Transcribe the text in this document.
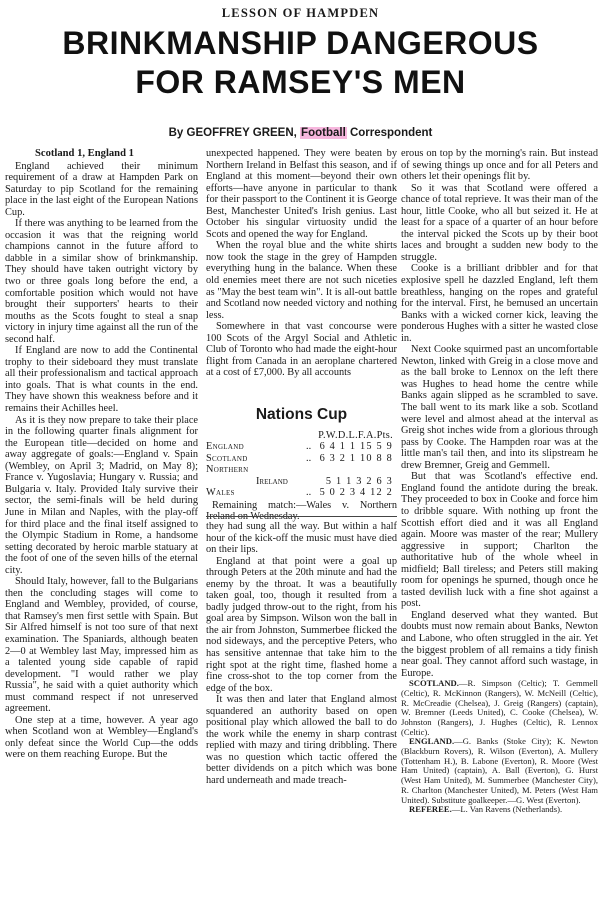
LESSON OF HAMPDEN
BRINKMANSHIP DANGEROUS
FOR RAMSEY'S MEN
By GEOFFREY GREEN, Football Correspondent
Scotland 1, England 1

England achieved their minimum requirement of a draw at Hampden Park on Saturday to pip Scotland for the remaining place in the last eight of the European Nations Cup.

If there was anything to be learned from the occasion it was that the reigning world champions cannot in the future afford to dabble in a similar show of brinkmanship. They should have taken outright victory by two or three goals long before the end, a comfortable position which would not have brought their supporters' hearts to their mouths as the Scots fought to steal a snap victory in injury time against all the run of the second half.

If England are now to add the Continental trophy to their sideboard they must translate all their professionalism and tactical approach into goals. That is what counts in the end. They have shown this weakness before and it remains their Achilles heel.

As it is they now prepare to take their place in the following quarter finals alignment for the European title—decided on home and away aggregate of goals:—England v. Spain (Wembley, on April 3; Madrid, on May 8); France v. Yugoslavia; Hungary v. Russia; and Bulgaria v. Italy. Provided Italy survive their sector, the semi-finals will be held during June in Milan and Naples, with the play-off for third place and the final itself assigned to the Olympic Stadium in Rome, a handsome setting decorated by heroic marble statuary at the foot of one of the seven hills of the eternal city.

Should Italy, however, fall to the Bulgarians then the concluding stages will come to England and Wembley, provided, of course, that Ramsey's men first settle with Spain. But Sir Alfred himself is not too sure of that next examination. The Spaniards, although beaten 2—0 at Wembley last May, impressed him as a talented young side capable of rapid development. "I would rather we play Russia", he said with a quiet authority which must command respect if not unreserved agreement.

One step at a time, however. A year ago when Scotland won at Wembley—England's only defeat since the World Cup—the odds were on them reaching Europe. But the

unexpected happened. They were beaten by Northern Ireland in Belfast this season, and if England at this moment—beyond their own efforts—have anyone in particular to thank for their passport to the Continent it is George Best, Manchester United's Irish genius. Last October his singular virtuosity undid the Scots and opened the way for England.

When the royal blue and the white shirts now took the stage in the grey of Hampden everything hung in the balance. When these old enemies meet there are not such niceties as "May the best team win". It is all-out battle and Scotland now needed victory and nothing less.

Somewhere in that vast concourse were 100 Scots of the Argyl Social and Athletic Club of Toronto who had made the eight-hour flight from Canada in an aeroplane chartered at a cost of £7,000. By all accounts

Nations Cup
P.W.D.L.F.A.Pts.
England	.. 6 4 1 1 15 5 9
Scotland	.. 6 3 2 1 10 8 8
Northern
Ireland	5 1 1 3 2 6 3
Wales	.. 5 0 2 3 4 12 2
Remaining match:—Wales v. Northern

they had sung all the way. But within a half hour of the kick-off the music must have died on their lips.

England at that point were a goal up through Peters at the 20th minute and had the enemy by the throat. It was a beautifully taken goal, too, though it resulted from a badly judged throw-out to the right, from his goal area by Simpson. Wilson won the ball in the air from Johnston, Summerbee flicked the nod sideways, and the perceptive Peters, who has sensitive antennae that take him to the right spot at the right time, flashed home a fine cross-shot to the top corner from the edge of the box.

It was then and later that England almost squandered an authority based on open positional play which allowed the ball to do the work while the enemy in sharp contrast replied with mazy and tiring dribbling. There was no question which tactic offered the better dividends on a pitch which was bone hard underneath and made treach-

erous on top by the morning's rain. But instead of sewing things up once and for all Peters and others let their openings flit by.

So it was that Scotland were offered a chance of total reprieve. It was their man of the hour, little Cooke, who all but seized it. He at least for a space of a quarter of an hour before the interval picked the Scots up by their boot laces and brought a sudden new body to the struggle.

Cooke is a brilliant dribbler and for that explosive spell he dazzled England, left them breathless, hanging on the ropes and grateful for the interval. First, he bemused an uncertain Banks with a wicked corner kick, leaving the ponderous Hughes with a sitter he wasted close in.

Next Cooke squirmed past an uncomfortable Newton, linked with Greig in a close move and as the ball broke to Lennox on the left there was Hughes to head home the centre while Banks again slipped as he scrambled to save. The ball went to its mark like a sob. Scotland were level and almost ahead at the interval as Greig shot inches wide from a glorious through pass by Cooke. The Hampden roar was at the little man's tail then, and into its slipstream he drew Bremner, Greig and Gemmell.

But that was Scotland's effective end. England found the antidote during the break. They proceeded to box in Cooke and force him to dribble square. With nothing up front the Scottish effort died and it was all England again. Moore was master of the rear; Mullery aggressive in support; Charlton the authoritative hub of the whole wheel in midfield; Ball tireless; and Peters still making room for openings he spurned, though once he tasted devilish luck with a fine shot against a post.

England deserved what they wanted. But doubts must now remain about Banks, Newton and Labone, who often struggled in the air. Yet the biggest problem of all remains a tidy finish near goal. They cannot afford such wastage, in Europe.

SCOTLAND.—R. Simpson (Celtic); T. Gemmell (Celtic), R. McKinnon (Rangers), W. McNeill (Celtic), R. McCreadie (Chelsea), J. Greig (Rangers) (captain), W. Bremner (Leeds United), C. Cooke (Chelsea), W. Johnston (Rangers), J. Hughes (Celtic), R. Lennox (Celtic).

ENGLAND.—G. Banks (Stoke City); K. Newton (Blackburn Rovers), R. Wilson (Everton), A. Mullery (Tottenham H.), B. Labone (Everton), R. Moore (West Ham United) (captain), A. Ball (Everton), G. Hurst (West Ham United), M. Summerbee (Manchester City), R. Charlton (Manchester United), M. Peters (West Ham United). Substitute goalkeeper.—G. West (Everton).

REFEREE.—L. Van Ravens (Netherlands).
